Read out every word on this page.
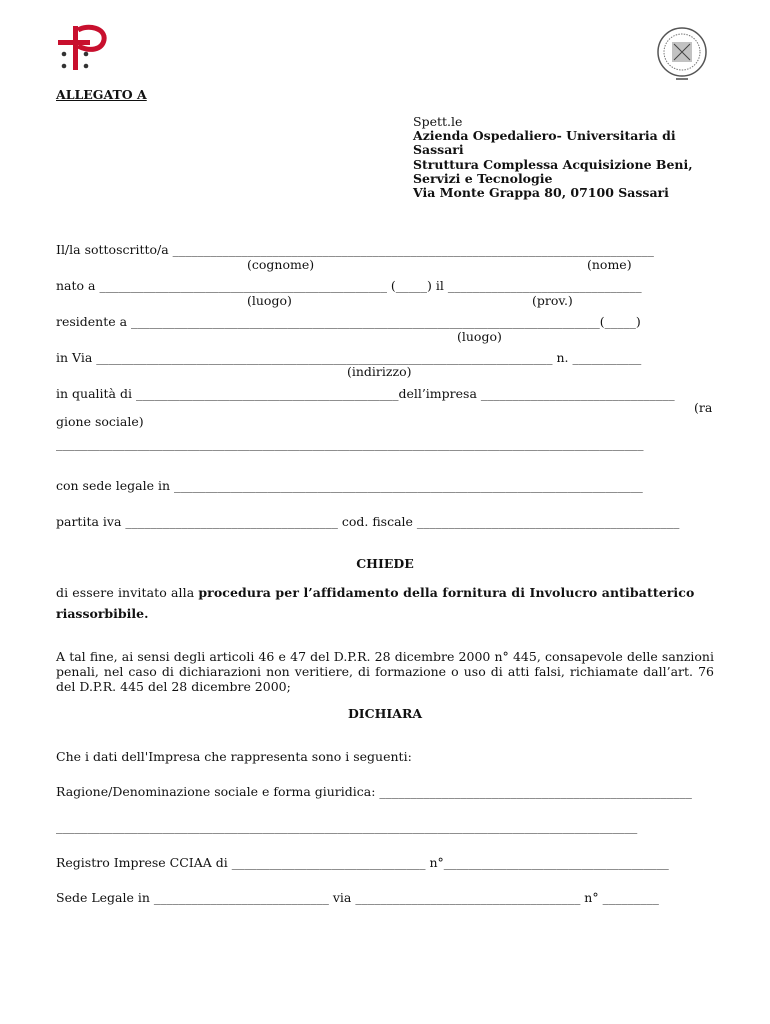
ALLEGATO A
Spett.le
Azienda Ospedaliero- Universitaria di
Sassari
Struttura Complessa Acquisizione Beni,
Servizi e Tecnologie
Via Monte Grappa 80, 07100 Sassari
Il/la sottoscritto/a _____________________________________________________________________________
(cognome)	(nome)
nato a ______________________________________________ (_____) il _______________________________
(luogo)	(prov.)
residente a ___________________________________________________________________________(_____)
(luogo)
in Via _________________________________________________________________________ n. ___________
(indirizzo)
in qualità di __________________________________________dell’impresa _______________________________
(ra
gione sociale)
______________________________________________________________________________________________
con sede legale in ___________________________________________________________________________
partita iva __________________________________ cod. fiscale __________________________________________
CHIEDE
di essere invitato alla procedura per l’affidamento della fornitura di Involucro antibatterico
riassorbibile.
A tal fine, ai sensi degli articoli 46 e 47 del D.P.R. 28 dicembre 2000 n° 445, consapevole delle sanzioni penali, nel caso di dichiarazioni non veritiere, di formazione o uso di atti falsi, richiamate dall’art. 76 del D.P.R. 445 del 28 dicembre 2000;
DICHIARA
Che i dati dell'Impresa che rappresenta sono i seguenti:
Ragione/Denominazione sociale e forma giuridica: __________________________________________________
_____________________________________________________________________________________________
Registro Imprese CCIAA di _______________________________ n°____________________________________
Sede Legale in ____________________________ via ____________________________________ n° _________
